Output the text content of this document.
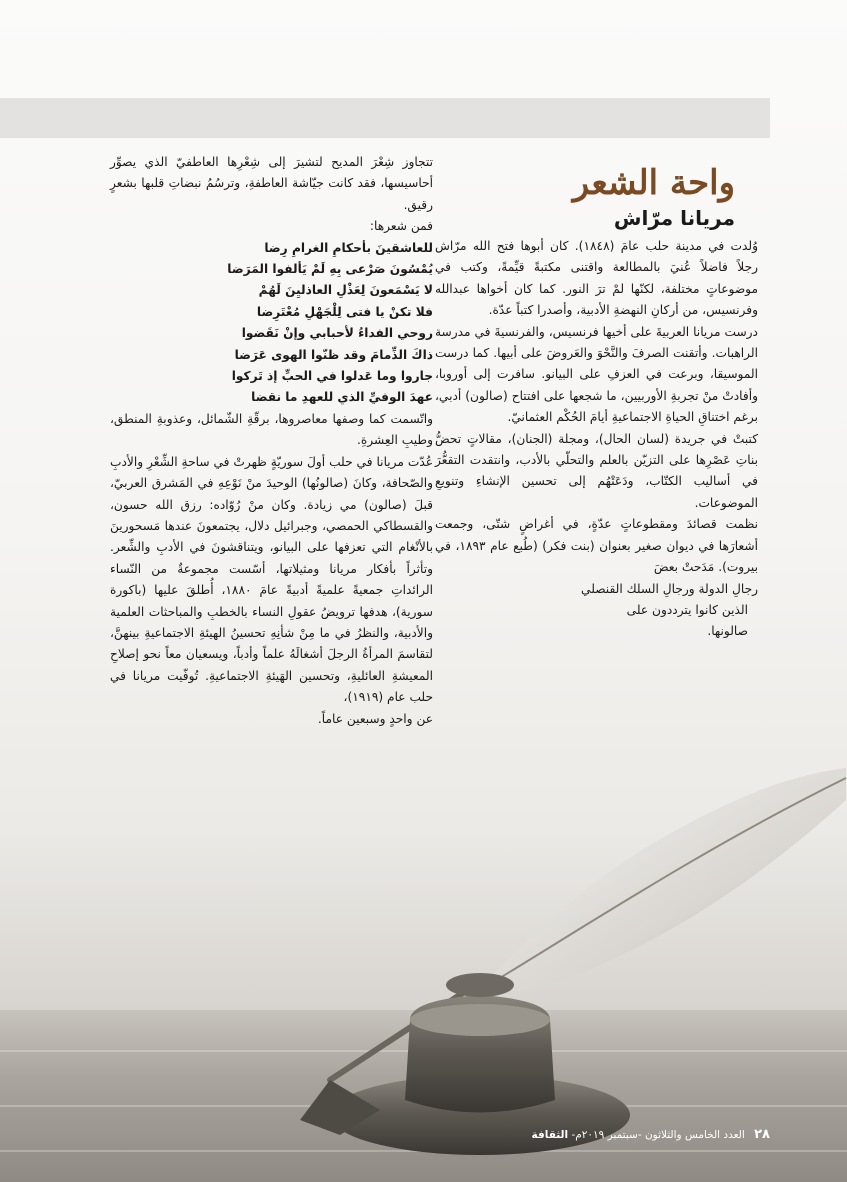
واحة الشعر
مريانا مرّاش

وُلدت في مدينة حلب عامَ (١٨٤٨). كان أبوها فتح الله مرّاش رجلاً فاضلاً عُنيَ بالمطالعة واقتنى مكتبةً قيِّمةً، وكتب في موضوعاتٍ مختلفة، لكنّها لمْ ترَ النور. كما كان أخواها عبدالله وفرنسيس، من أركانِ النهضةِ الأدبية، وأصدرا كتباً عدّة.

درست مريانا العربيةَ على أخيها فرنسيس، والفرنسيةَ في مدرسة الراهبات. وأتقنت الصرفَ والنَّحْوَ والعَروضَ على أبيها. كما درست الموسيقا، وبرعت في العزفِ على البيانو. سافرت إلى أوروبا، وأفادتْ منْ تجربةِ الأوربيين، ما شجعها على افتتاح (صالون) أدبي، برغم اختناقِ الحياةِ الاجتماعيةِ أيامَ الحُكْم العثمانيّ.

كتبتْ في جريدة (لسان الحال)، ومجلة (الجنان)، مقالاتٍ تحضُّ بناتِ عَصْرِها على التزيّن بالعلم والتحلّي بالأدب، وانتقدت التقعُّرَ في أساليب الكتّاب، ودَعَتْهُم إلى تحسين الإنشاءِ وتنويعِ الموضوعات.

نظمت قصائدَ ومقطوعاتٍ عدّةٍ، في أغراضٍ شتّى، وجمعت أشعارَها في ديوان صغير بعنوان (بنت فكر) (طُبع عام ١٨٩٣، في بيروت). مَدَحتْ بعضَ

رجالِ الدولة ورجالِ السلك القنصلي

الذين كانوا يترددون على

صالونها.

تتجاوز شِعْرَ المديح لتشيرَ إلى شِعْرِها العاطفيّ الذي يصوِّر أحاسيسها، فقد كانت جيّاشة العاطفةِ، وترسُمُ نبضاتِ قلبها بشعرٍ رقيق.

فمن شعرها:

للعاشقينَ بأحكامِ الغرامِ رِضا

يُمْسُونَ صَرْعى بِهِ لَمْ يَألفوا المَرَضا

لا يَسْمَعونَ لِعَذْلِ العاذليِنَ لَهُمْ

فلا تكنْ يا فتى لِلْجَهْلِ مُعْتَرِضا

روحي الفداءُ لأحبابي وإنْ نَقَضوا

ذاكَ الذِّمامَ وقد ظنّوا الهوى عَرَضا

جاروا وما عَدلوا في الحبِّ إذ تَركوا

عهدَ الوفيِّ الذي للعهدِ ما نقضا

واتّسمت كما وصفها معاصروها، برقّةِ الشّمائل، وعذوبةِ المنطق، وطيبِ العِشرةِ.

عُدّت مريانا في حلب أولَ سوريّةٍ ظهرتْ في ساحةِ الشِّعْرِ والأدبِ والصّحافة، وكانَ (صالونُها) الوحيدَ منْ نَوْعِهِ في المَشرق العربيّ، قبلَ (صالون) مي زيادة. وكان منْ رُوّاده: رزق الله حسون، والقسطاكي الحمصي، وجبرائيل دلال، يجتمعونَ عندها مَسحورينَ بالأنْغام التي تعزفها على البيانو، ويتناقشونَ في الأدبِ والشِّعر. وتأثراً بأفكار مريانا ومثيلاتها، أسّست مجموعةٌ من النّساء الرائداتِ جمعيةً علميةً أدبيةً عامَ ١٨٨٠، أُطلقَ عليها (باكورة سورية)، هدفها ترويضُ عقولِ النساء بالخطبِ والمباحثات العلمية والأدبية، والنظرُ في ما مِنْ شأنِهِ تحسينُ الهيئةِ الاجتماعيةِ بينهنَّ، لتقاسمَ المرأةُ الرجلَ أشغالَهُ علماً وأدباً، ويسعيان معاً نحو إصلاحِ المعيشةِ العائليةِ، وتحسين الهَيئةِ الاجتماعيةِ. تُوفّيت مريانا في حلب عام (١٩١٩)،

عن واحدٍ وسبعين عاماً.

٢٨ العدد الخامس والثلاثون -سبتمبر ٢٠١٩م- الثقافة
